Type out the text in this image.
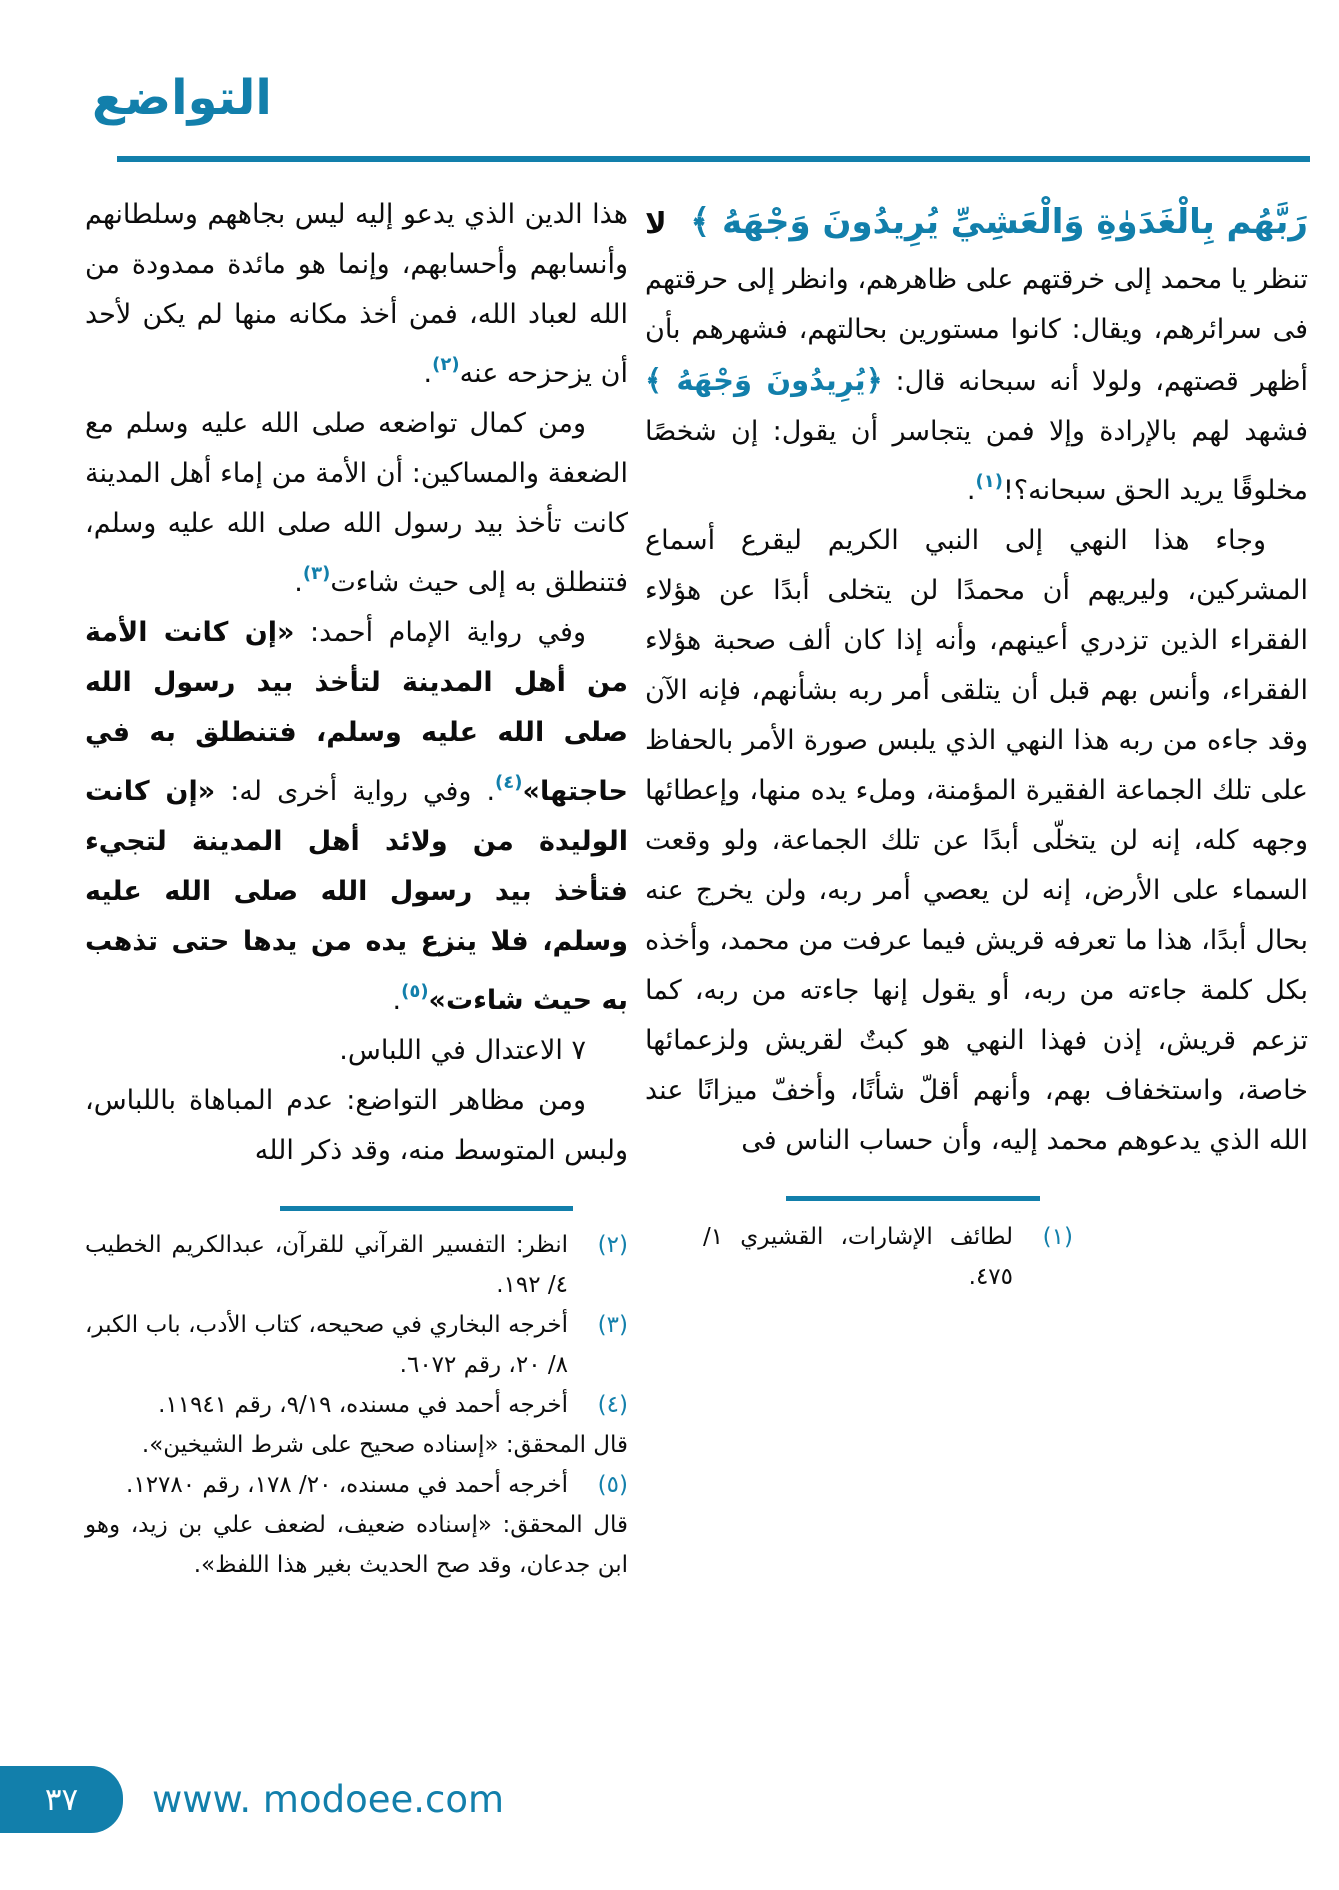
التواضع

رَبَّهُم بِالْغَدَوٰةِ وَالْعَشِيِّ يُرِيدُونَ وَجْهَهُ ﴾
لا

تنظر يا محمد إلى خرقتهم على ظاهرهم، وانظر إلى حرقتهم فى سرائرهم، ويقال: كانوا مستورين بحالتهم، فشهرهم بأن أظهر قصتهم، ولولا أنه سبحانه قال: ﴿يُرِيدُونَ وَجْهَهُ ﴾ فشهد لهم بالإرادة وإلا فمن يتجاسر أن يقول: إن شخصًا مخلوقًا يريد الحق سبحانه؟!$^{(١)}$.

وجاء هذا النهي إلى النبي الكريم ليقرع أسماع المشركين، وليريهم أن محمدًا لن يتخلى أبدًا عن هؤلاء الفقراء الذين تزدري أعينهم، وأنه إذا كان ألف صحبة هؤلاء الفقراء، وأنس بهم قبل أن يتلقى أمر ربه بشأنهم، فإنه الآن وقد جاءه من ربه هذا النهي الذي يلبس صورة الأمر بالحفاظ على تلك الجماعة الفقيرة المؤمنة، وملء يده منها، وإعطائها وجهه كله، إنه لن يتخلّى أبدًا عن تلك الجماعة، ولو وقعت السماء على الأرض، إنه لن يعصي أمر ربه، ولن يخرج عنه بحال أبدًا، هذا ما تعرفه قريش فيما عرفت من محمد، وأخذه بكل كلمة جاءته من ربه، أو يقول إنها جاءته من ربه، كما تزعم قريش، إذن فهذا النهي هو كبتٌ لقريش ولزعمائها خاصة، واستخفاف بهم، وأنهم أقلّ شأنًا، وأخفّ ميزانًا عند الله الذي يدعوهم محمد إليه، وأن حساب الناس فى

(١)
لطائف الإشارات، القشيري ١/ ٤٧٥.

هذا الدين الذي يدعو إليه ليس بجاههم وسلطانهم وأنسابهم وأحسابهم، وإنما هو مائدة ممدودة من الله لعباد الله، فمن أخذ مكانه منها لم يكن لأحد أن يزحزحه عنه$^{(٢)}$.

ومن كمال تواضعه صلى الله عليه وسلم مع الضعفة والمساكين: أن الأمة من إماء أهل المدينة كانت تأخذ بيد رسول الله صلى الله عليه وسلم، فتنطلق به إلى حيث شاءت$^{(٣)}$.

وفي رواية الإمام أحمد: «إن كانت الأمة من أهل المدينة لتأخذ بيد رسول الله صلى الله عليه وسلم، فتنطلق به في حاجتها»$^{(٤)}$. وفي رواية أخرى له: «إن كانت الوليدة من ولائد أهل المدينة لتجيء فتأخذ بيد رسول الله صلى الله عليه وسلم، فلا ينزع يده من يدها حتى تذهب به حيث شاءت»$^{(٥)}$.

٧ الاعتدال في اللباس.

ومن مظاهر التواضع: عدم المباهاة باللباس، ولبس المتوسط منه، وقد ذكر الله

(٢)
انظر: التفسير القرآني للقرآن، عبدالكريم الخطيب ٤/ ١٩٢.
(٣)
أخرجه البخاري في صحيحه، كتاب الأدب، باب الكبر، ٨/ ٢٠، رقم ٦٠٧٢.
(٤)
أخرجه أحمد في مسنده، ٩/١٩، رقم ١١٩٤١.
قال المحقق: «إسناده صحيح على شرط الشيخين».
(٥)
أخرجه أحمد في مسنده، ٢٠/ ١٧٨، رقم ١٢٧٨٠.
قال المحقق: «إسناده ضعيف، لضعف علي بن زيد، وهو ابن جدعان، وقد صح الحديث بغير هذا اللفظ».
٣٧ www. modoee.com
